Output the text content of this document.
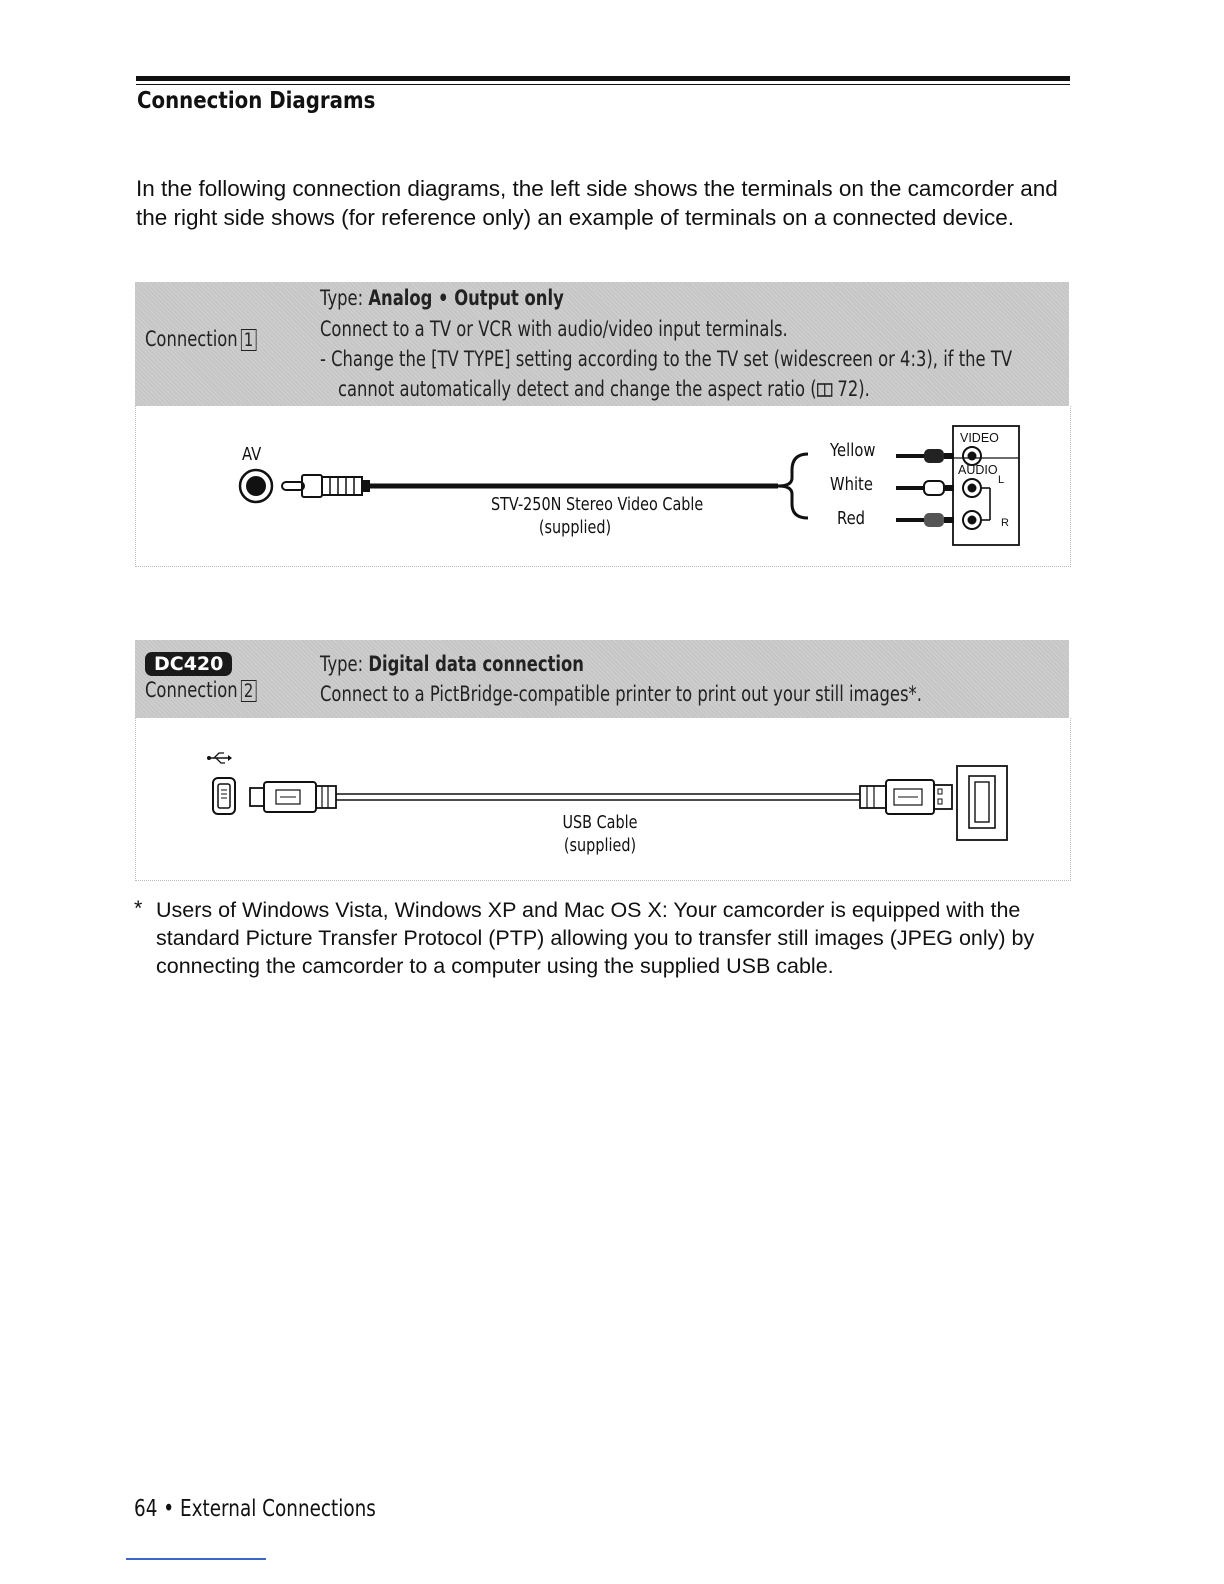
Connection Diagrams

In the following connection diagrams, the left side shows the terminals on the camcorder and the right side shows (for reference only) an example of terminals on a connected device.

Connection 1
Type: Analog • Output only
Connect to a TV or VCR with audio/video input terminals.
- Change the [TV TYPE] setting according to the TV set (widescreen or 4:3), if the TV
cannot automatically detect and change the aspect ratio ( 72).
AV
STV-250N Stereo Video Cable
(supplied)
Yellow
White
Red
VIDEO
AUDIO
L
R
DC420
Connection 2
Type: Digital data connection
Connect to a PictBridge-compatible printer to print out your still images*.
USB Cable
(supplied)
* Users of Windows Vista, Windows XP and Mac OS X: Your camcorder is equipped with the standard Picture Transfer Protocol (PTP) allowing you to transfer still images (JPEG only) by connecting the camcorder to a computer using the supplied USB cable.
64 • External Connections
